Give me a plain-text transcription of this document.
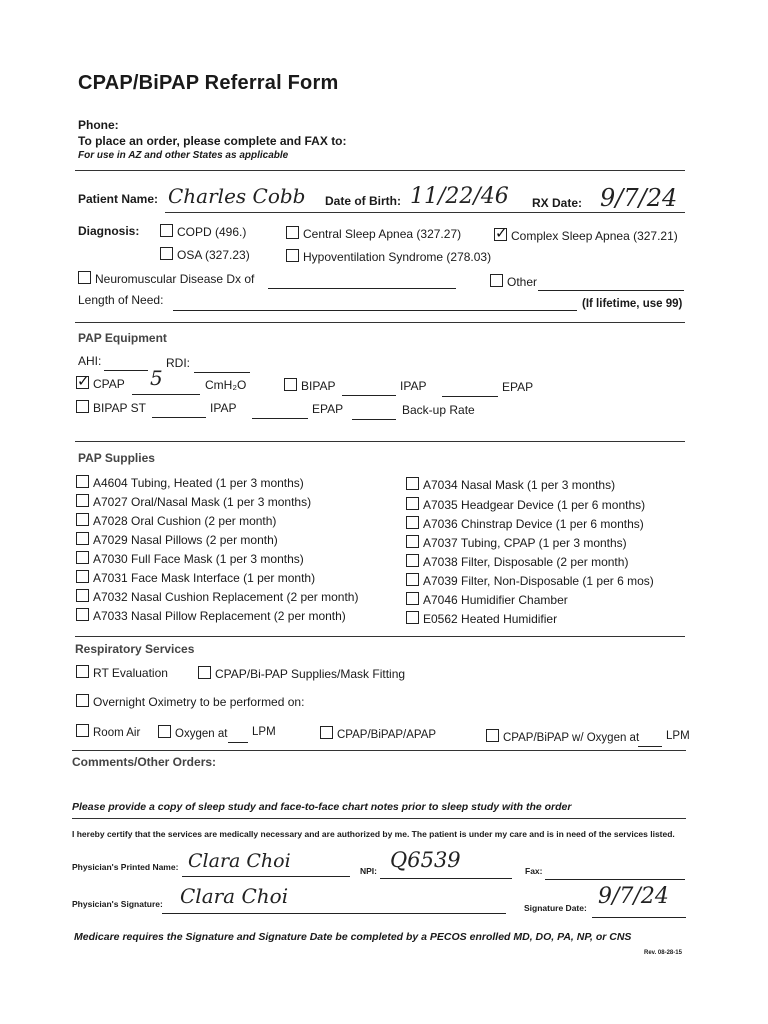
CPAP/BiPAP Referral Form
Phone:
To place an order, please complete and FAX to:
For use in AZ and other States as applicable
Patient Name: Charles Cobb Date of Birth: 11/22/46 RX Date: 9/7/24
Diagnosis:	COPD (496.)	Central Sleep Apnea (327.27)
✓	Complex Sleep Apnea (327.21)
OSA (327.23)	Hypoventilation Syndrome (278.03)
Neuromuscular Disease Dx of	Other
Length of Need:	(If lifetime, use 99)
PAP Equipment
AHI:	RDI:
✓CPAP 5	CmH₂O	BIPAP	IPAP	EPAP
BIPAP ST	IPAP	EPAP	Back-up Rate
PAP Supplies
A4604 Tubing, Heated (1 per 3 months)
A7027 Oral/Nasal Mask (1 per 3 months)
A7028 Oral Cushion (2 per month)
A7029 Nasal Pillows (2 per month)
A7030 Full Face Mask (1 per 3 months)
A7031 Face Mask Interface (1 per month)
A7032 Nasal Cushion Replacement (2 per month)
A7033 Nasal Pillow Replacement (2 per month)
A7034 Nasal Mask (1 per 3 months)
A7035 Headgear Device (1 per 6 months)
A7036 Chinstrap Device (1 per 6 months)
A7037 Tubing, CPAP (1 per 3 months)
A7038 Filter, Disposable (2 per month)
A7039 Filter, Non-Disposable (1 per 6 mos)
A7046 Humidifier Chamber
E0562 Heated Humidifier
Respiratory Services
RT Evaluation	CPAP/Bi-PAP Supplies/Mask Fitting
Overnight Oximetry to be performed on:
Room Air	Oxygen at LPM	CPAP/BiPAP/APAP	CPAP/BiPAP w/ Oxygen at LPM
Comments/Other Orders:
Please provide a copy of sleep study and face-to-face chart notes prior to sleep study with the order
I hereby certify that the services are medically necessary and are authorized by me. The patient is under my care and is in need of the services listed.
Physician's Printed Name: Clara Choi	NPI: Q6539	Fax:
Physician's Signature: Clara Choi	Signature Date: 9/7/24
Medicare requires the Signature and Signature Date be completed by a PECOS enrolled MD, DO, PA, NP, or CNS
Rev. 08-28-15
